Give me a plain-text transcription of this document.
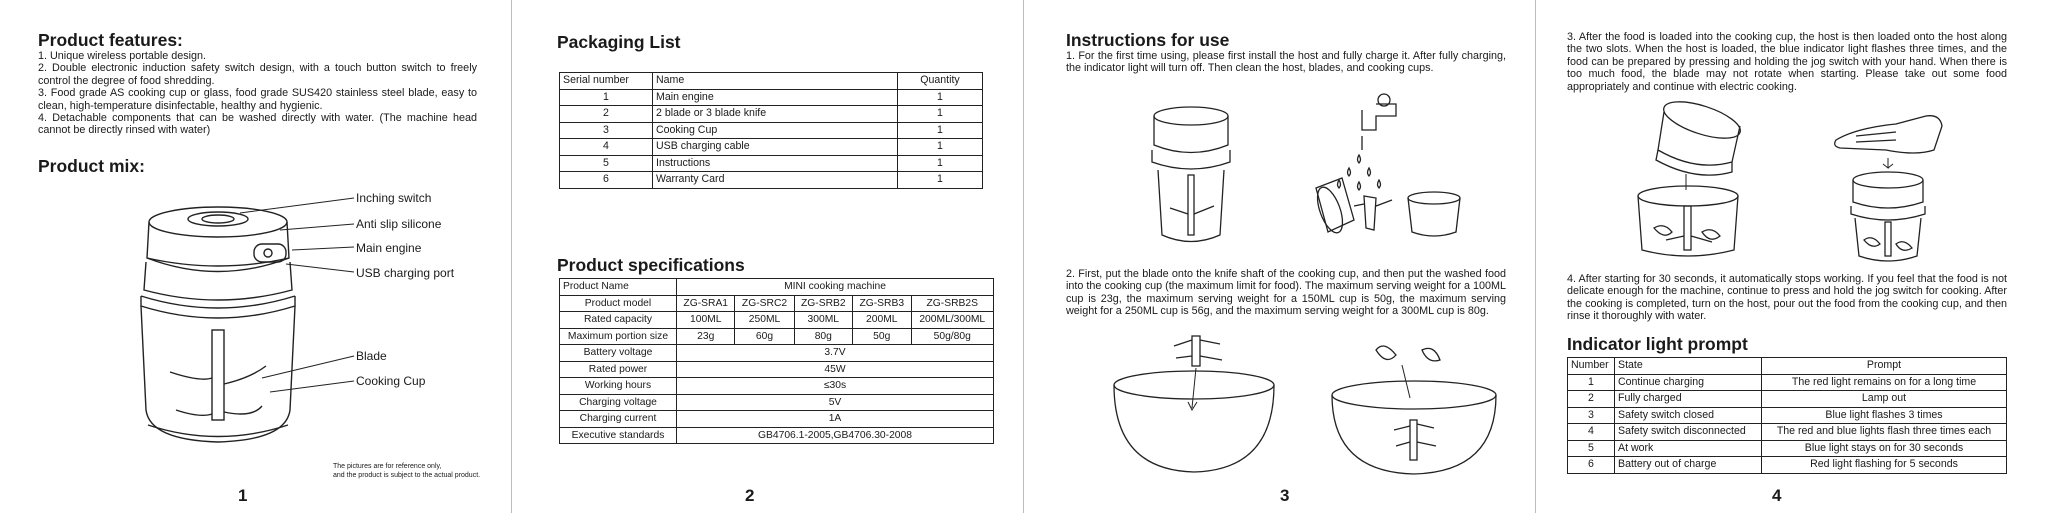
Product features:
1. Unique wireless portable design.
2. Double electronic induction safety switch design, with a touch button switch to freely control the degree of food shredding.
3. Food grade AS cooking cup or glass, food grade SUS420 stainless steel blade, easy to clean, high-temperature disinfectable, healthy and hygienic.
4. Detachable components that can be washed directly with water. (The machine head cannot be directly rinsed with water)
Product mix:
Inching switch
Anti slip silicone
Main engine
USB charging port
Blade
Cooking Cup
The pictures are for reference only,
and the product is subject to the actual product.
1
Packaging List
Serial number	Name	Quantity
1	Main engine	1
2	2 blade or 3 blade knife	1
3	Cooking Cup	1
4	USB charging cable	1
5	Instructions	1
6	Warranty Card	1
Product specifications
Product Name	MINI cooking machine				
Product model	ZG-SRA1	ZG-SRC2	ZG-SRB2	ZG-SRB3	ZG-SRB2S
Rated capacity	100ML	250ML	300ML	200ML	200ML/300ML
Maximum portion size	23g	60g	80g	50g	50g/80g
Battery voltage	3.7V				
Rated power	45W				
Working hours	≤30s				
Charging voltage	5V				
Charging current	1A				
Executive standards	GB4706.1-2005,GB4706.30-2008				
2
Instructions for use
1. For the first time using, please first install the host and fully charge it. After fully charging, the indicator light will turn off. Then clean the host, blades, and cooking cups.
2. First, put the blade onto the knife shaft of the cooking cup, and then put the washed food into the cooking cup (the maximum limit for food). The maximum serving weight for a 100ML cup is 23g, the maximum serving weight for a 150ML cup is 50g, the maximum serving weight for a 250ML cup is 56g, and the maximum serving weight for a 300ML cup is 80g.
3
3. After the food is loaded into the cooking cup, the host is then loaded onto the host along the two slots. When the host is loaded, the blue indicator light flashes three times, and the food can be prepared by pressing and holding the jog switch with your hand. When there is too much food, the blade may not rotate when starting. Please take out some food appropriately and continue with electric cooking.
4. After starting for 30 seconds, it automatically stops working. If you feel that the food is not delicate enough for the machine, continue to press and hold the jog switch for cooking. After the cooking is completed, turn on the host, pour out the food from the cooking cup, and then rinse it thoroughly with water.
Indicator light prompt
Number	State	Prompt
1	Continue charging	The red light remains on for a long time
2	Fully charged	Lamp out
3	Safety switch closed	Blue light flashes 3 times
4	Safety switch disconnected	The red and blue lights flash three times each
5	At work	Blue light stays on for 30 seconds
6	Battery out of charge	Red light flashing for 5 seconds
4
